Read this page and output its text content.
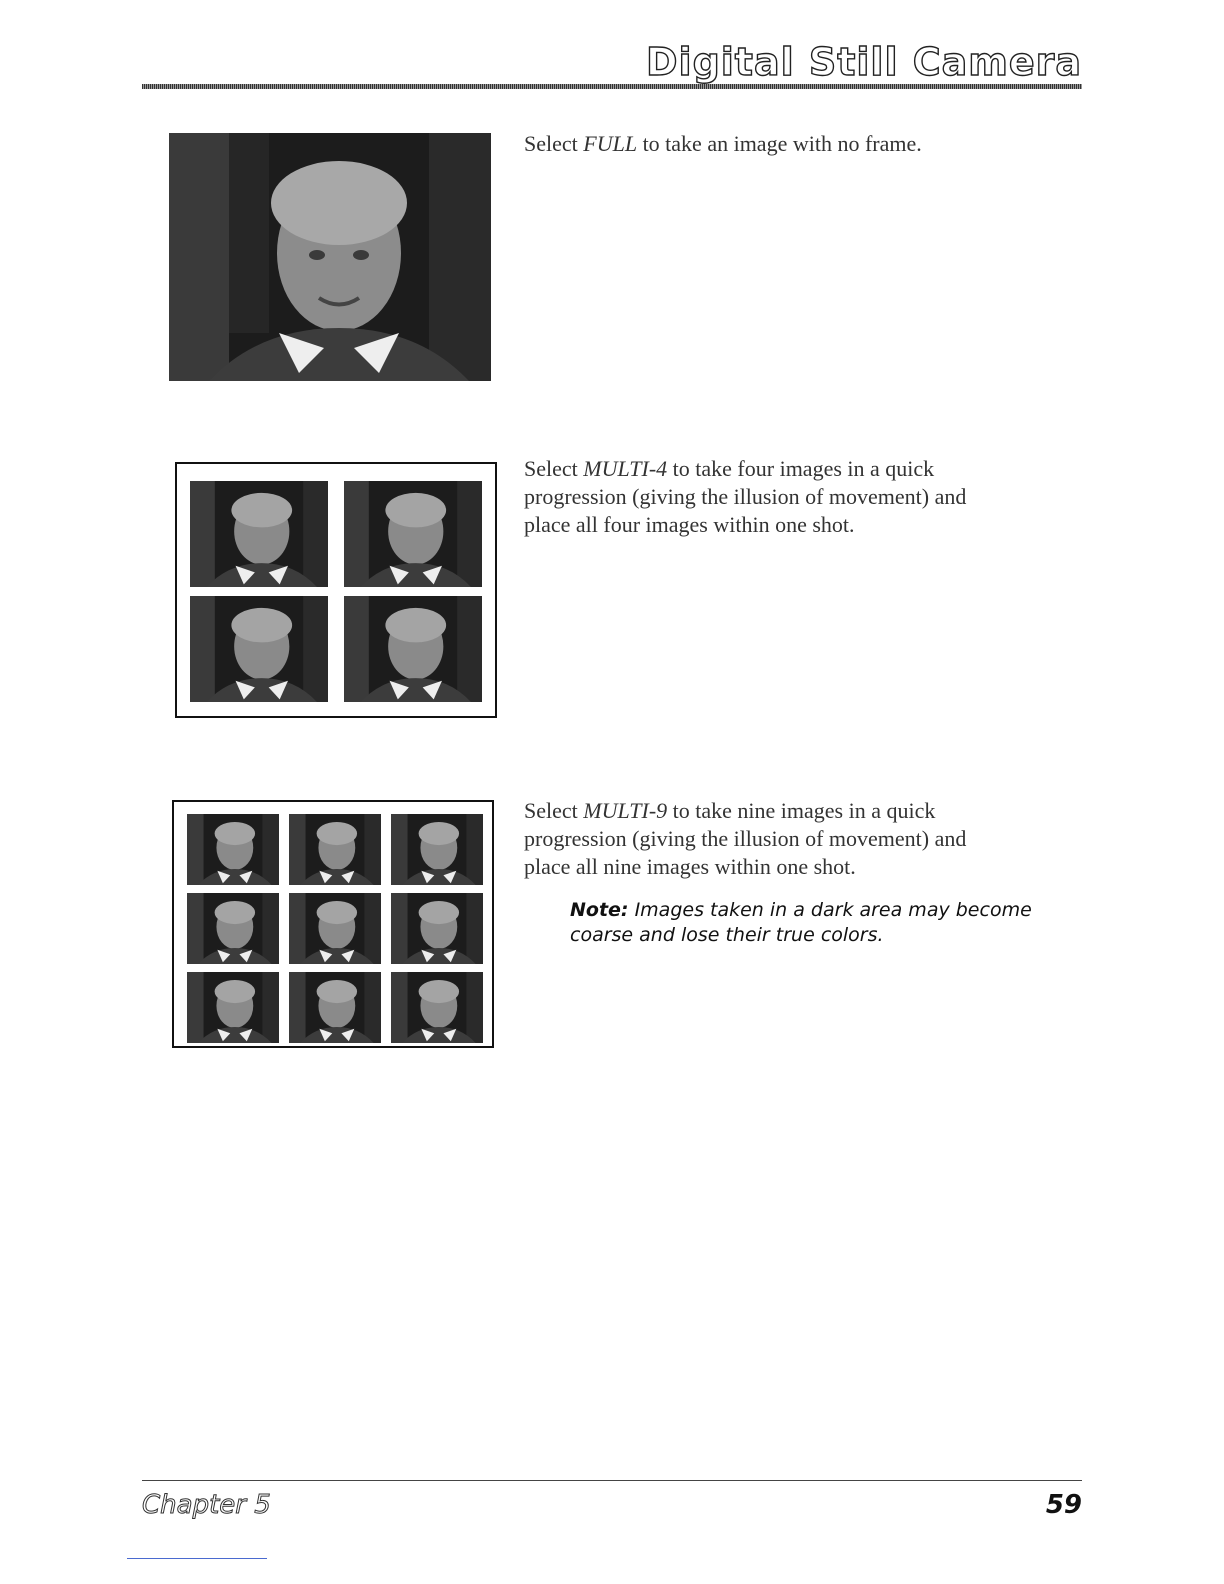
Digital Still Camera
Select FULL to take an image with no frame.
Select MULTI-4 to take four images in a quick
progression (giving the illusion of movement) and
place all four images within one shot.
Select MULTI-9 to take nine images in a quick
progression (giving the illusion of movement) and
place all nine images within one shot.
Note: Images taken in a dark area may become coarse and lose their true colors.
Chapter 5	59
